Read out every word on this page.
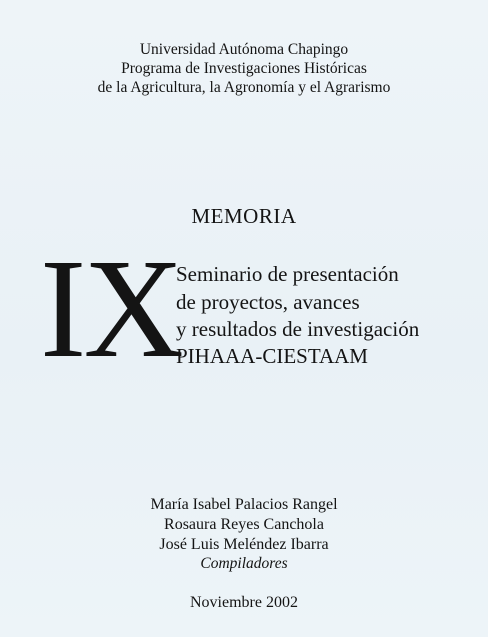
Universidad Autónoma Chapingo
Programa de Investigaciones Históricas
de la Agricultura, la Agronomía y el Agrarismo
MEMORIA
IX
Seminario de presentación
de proyectos, avances
y resultados de investigación
PIHAAA-CIESTAAM
María Isabel Palacios Rangel
Rosaura Reyes Canchola
José Luis Meléndez Ibarra
Compiladores
Noviembre 2002
